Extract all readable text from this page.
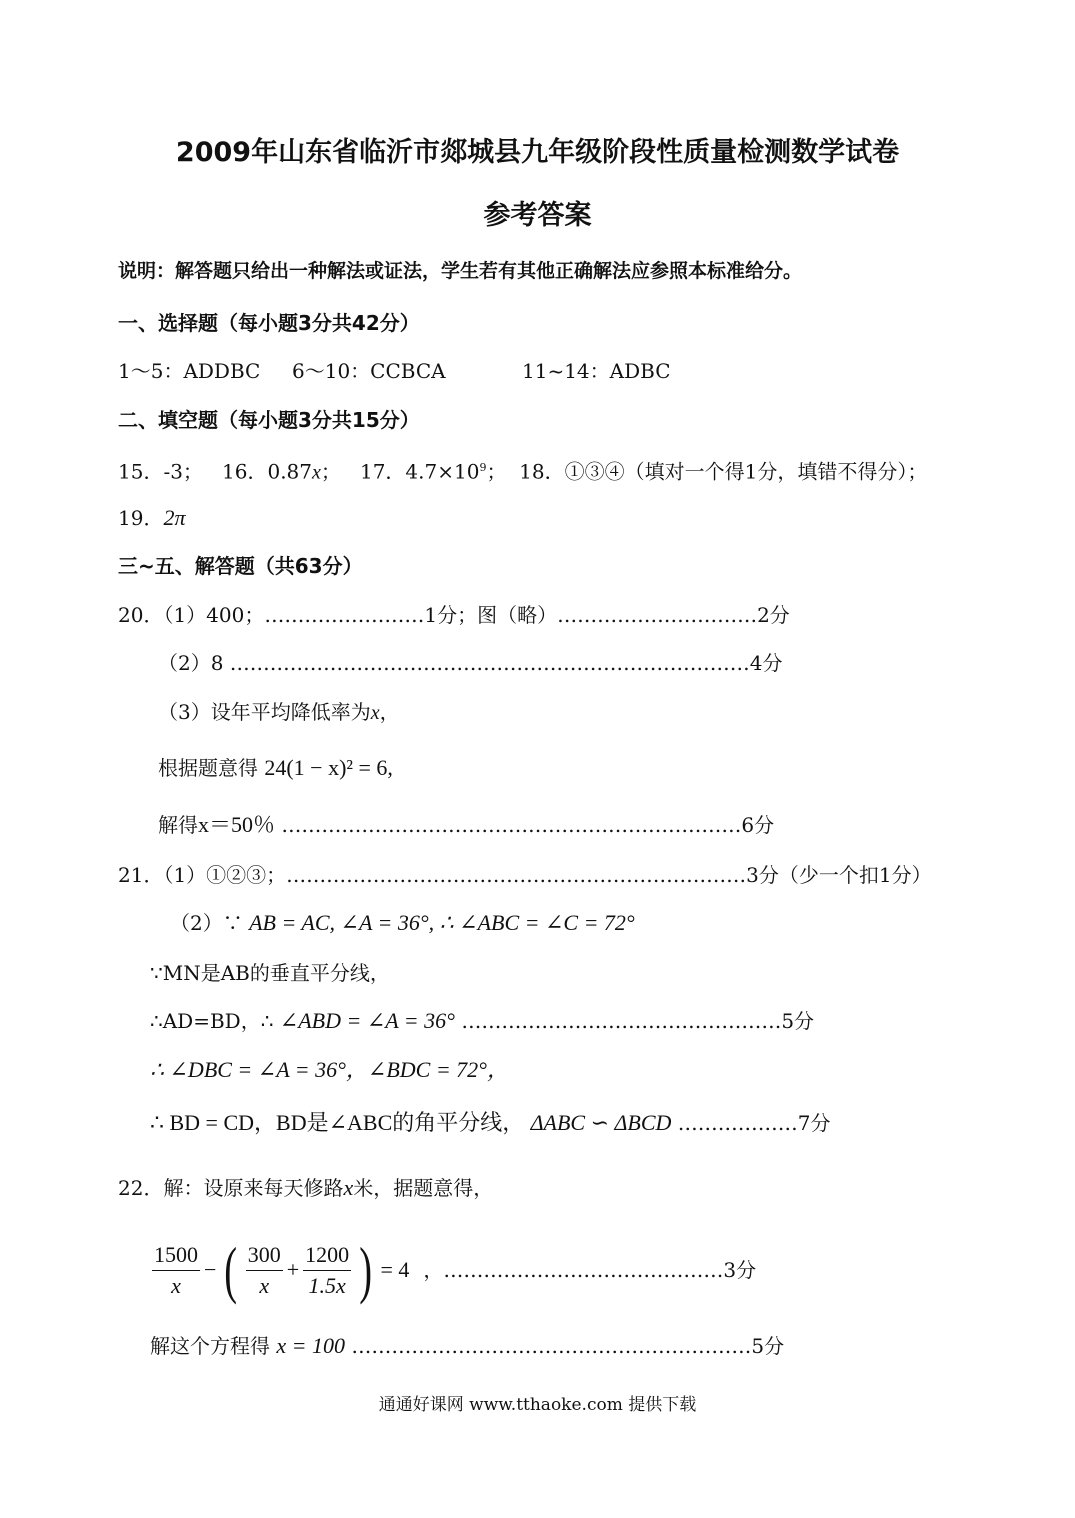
2009年山东省临沂市郯城县九年级阶段性质量检测数学试卷
参考答案
说明：解答题只给出一种解法或证法，学生若有其他正确解法应参照本标准给分。
一、选择题（每小题3分共42分）
1～5：ADDBC 6～10：CCBCA	11~14：ADBC
二、填空题（每小题3分共15分）
15．-3； 16．0.87x； 17．$4.7\times 10^9$； 18．①③④（填对一个得1分，填错不得分）；
19．2π
三~五、解答题（共63分）
20．（1）400；……………………1分；图（略）…………………………2分
（2）8 ……………………………………………………………………4分
（3）设年平均降低率为x，
根据题意得 24(1 − x)² = 6,
解得x＝50％ ……………………………………………………………6分
21．（1）①②③；……………………………………………………………3分（少一个扣1分）
（2）∵ AB = AC, ∠A = 36°, ∴ ∠ABC = ∠C = 72°
∵MN是AB的垂直平分线，
∴AD=BD，∴ ∠ABD = ∠A = 36° …………………………………………5分
∴ ∠DBC = ∠A = 36°，∠BDC = 72°，
∴ BD = CD，BD是∠ABC的角平分线， ΔABC ∽ ΔBCD ………………7分
22．解：设原来每天修路x米，据题意得，
$\frac{1500}{x}$ − ( $\frac{300}{x} + \frac{1200}{1.5x}$ ) = 4 ，……………………………………3分
解这个方程得 x = 100 ……………………………………………………5分
通通好课网 www.tthaoke.com 提供下载
